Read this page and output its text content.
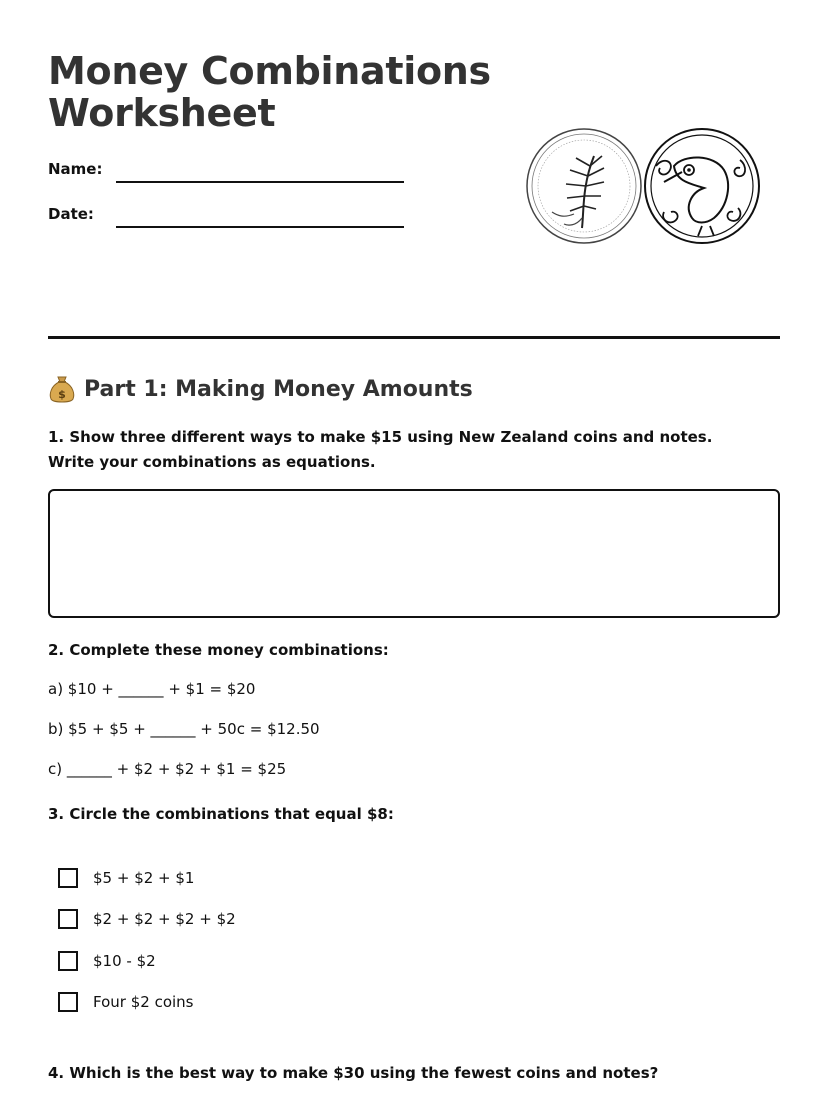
Money Combinations
Worksheet
Name:
Date:
$ Part 1: Making Money Amounts
1. Show three different ways to make $15 using New Zealand coins and notes. Write your combinations as equations.
2. Complete these money combinations:
a) $10 + ______ + $1 = $20
b) $5 + $5 + ______ + 50c = $12.50
c) ______ + $2 + $2 + $1 = $25
3. Circle the combinations that equal $8:
$5 + $2 + $1
$2 + $2 + $2 + $2
$10 - $2
Four $2 coins
4. Which is the best way to make $30 using the fewest coins and notes?
